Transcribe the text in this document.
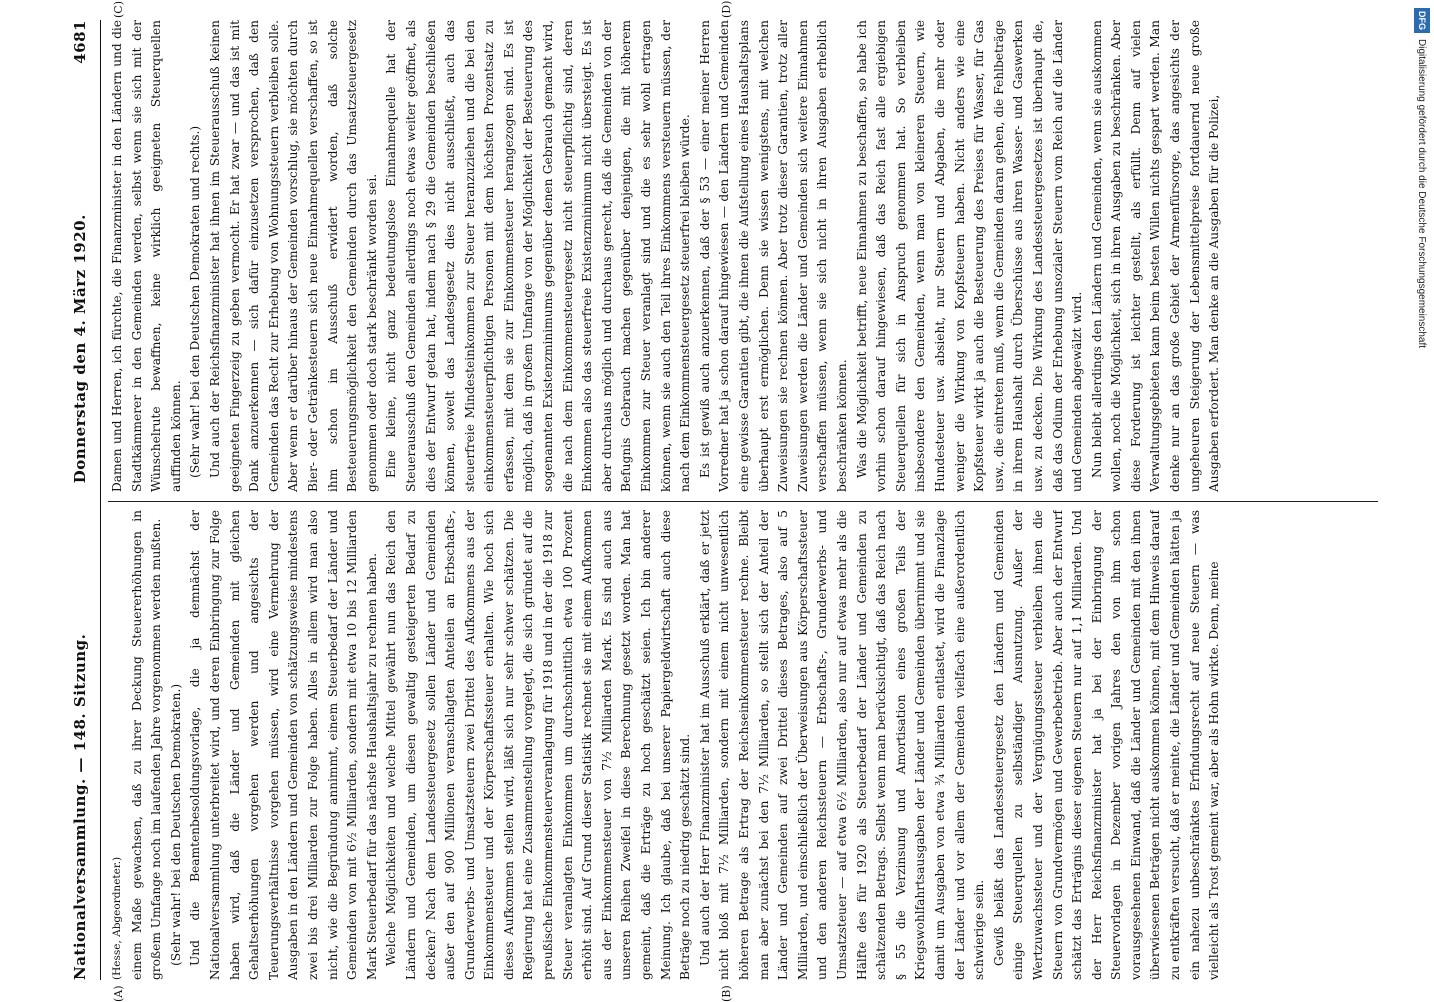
Nationalversammlung. — 148. Sitzung.
Donnerstag den 4. März 1920.
4681

(Hesse, Abgeordneter.) einem Maße gewachsen, daß zu ihrer Deckung Steuererhöhungen in großem Umfange noch im laufenden Jahre vorgenommen werden mußten. (Sehr wahr! bei den Deutschen Demokraten.) Und die Beamtenbesoldungsvorlage, die ja demnächst der Nationalversammlung unterbreitet wird, und deren Einbringung zur Folge haben wird, daß die Länder und Gemeinden mit gleichen Gehaltserhöhungen vorgehen werden und angesichts der Teuerungsverhältnisse vorgehen müssen, wird eine Vermehrung der Ausgaben in den Ländern und Gemeinden von schätzungsweise mindestens zwei bis drei Milliarden zur Folge haben. Alles in allem wird man also nicht, wie die Begründung annimmt, einem Steuerbedarf der Länder und Gemeinden von mit 6½ Milliarden, sondern mit etwa 10 bis 12 Milliarden Mark Steuerbedarf für das nächste Haushaltsjahr zu rechnen haben. Welche Möglichkeiten und welche Mittel gewährt nun das Reich den Ländern und Gemeinden, um diesen gewaltig gesteigerten Bedarf zu decken? Nach dem Landessteuergesetz sollen Länder und Gemeinden außer den auf 900 Millionen veranschlagten Anteilen an Erbschafts-, Grunderwerbs- und Umsatzsteuern zwei Drittel des Aufkommens aus der Einkommensteuer und der Körperschaftssteuer erhalten. Wie hoch sich dieses Aufkommen stellen wird, läßt sich nur sehr schwer schätzen. Die Regierung hat eine Zusammenstellung vorgelegt, die sich gründet auf die preußische Einkommensteuerveranlagung für 1918 und in der die 1918 zur Steuer veranlagten Einkommen um durchschnittlich etwa 100 Prozent erhöht sind. Auf Grund dieser Statistik rechnet sie mit einem Aufkommen aus der Einkommensteuer von 7½ Milliarden Mark. Es sind auch aus unseren Reihen Zweifel in diese Berechnung gesetzt worden. Man hat gemeint, daß die Erträge zu hoch geschätzt seien. Ich bin anderer Meinung. Ich glaube, daß bei unserer Papiergeldwirtschaft auch diese Beträge noch zu niedrig geschätzt sind. Und auch der Herr Finanzminister hat im Ausschuß erklärt, daß er jetzt nicht bloß mit 7½ Milliarden, sondern mit einem nicht unwesentlich höheren Betrage als Ertrag der Reichseinkommensteuer rechne. Bleibt man aber zunächst bei den 7½ Milliarden, so stellt sich der Anteil der Länder und Gemeinden auf zwei Drittel dieses Betrages, also auf 5 Milliarden, und einschließlich der Überweisungen aus Körperschaftssteuer und den anderen Reichssteuern — Erbschafts-, Grunderwerbs- und Umsatzsteuer — auf etwa 6½ Milliarden, also nur auf etwas mehr als die Hälfte des für 1920 als Steuerbedarf der Länder und Gemeinden zu schätzenden Betrags. Selbst wenn man berücksichtigt, daß das Reich nach § 55 die Verzinsung und Amortisation eines großen Teils der Kriegswohlfahrtsausgaben der Länder und Gemeinden übernimmt und sie damit um Ausgaben von etwa ¾ Milliarden entlastet, wird die Finanzlage der Länder und vor allem der Gemeinden vielfach eine außerordentlich schwierige sein. Gewiß beläßt das Landessteuergesetz den Ländern und Gemeinden einige Steuerquellen zu selbständiger Ausnutzung. Außer der Wertzuwachssteuer und der Vergnügungssteuer verbleiben ihnen die Steuern von Grundvermögen und Gewerbebetrieb. Aber auch der Entwurf schätzt das Erträgnis dieser eigenen Steuern nur auf 1,1 Milliarden. Und der Herr Reichsfinanzminister hat ja bei der Einbringung der Steuervorlagen in Dezember vorigen Jahres den von ihm schon vorausgesehenen Einwand, daß die Länder und Gemeinden mit den ihnen überwiesenen Beträgen nicht auskommen können, mit dem Hinweis darauf zu entkräften versucht, daß er meinte, die Länder und Gemeinden hätten ja ein nahezu unbeschränktes Erfindungsrecht auf neue Steuern — was vielleicht als Trost gemeint war, aber als Hohn wirkte. Denn, meine

Damen und Herren, ich fürchte, die Finanzminister in den Ländern und die Stadtkämmerer in den Gemeinden werden, selbst wenn sie sich mit der Wünschelrute bewaffnen, keine wirklich geeigneten Steuerquellen auffinden können. (Sehr wahr! bei den Deutschen Demokraten und rechts.) Und auch der Reichsfinanzminister hat ihnen im Steuerausschuß keinen geeigneten Fingerzeig zu geben vermocht. Er hat zwar — und das ist mit Dank anzuerkennen — sich dafür einzusetzen versprochen, daß den Gemeinden das Recht zur Erhebung von Wohnungssteuern verbleiben solle. Aber wenn er darüber hinaus der Gemeinden vorschlug, sie möchten durch Bier- oder Getränkesteuern sich neue Einnahmequellen verschaffen, so ist ihm schon im Ausschuß erwidert worden, daß solche Besteuerungsmöglichkeit den Gemeinden durch das Umsatzsteuergesetz genommen oder doch stark beschränkt worden sei. Eine kleine, nicht ganz bedeutungslose Einnahmequelle hat der Steuerausschuß den Gemeinden allerdings noch etwas weiter geöffnet, als dies der Entwurf getan hat, indem nach § 29 die Gemeinden beschließen können, sowelt das Landesgesetz dies nicht ausschließt, auch das steuerfreie Mindesteinkommen zur Steuer heranzuziehen und die bei den einkommensteuerpflichtigen Personen mit dem höchsten Prozentsatz zu erfassen, mit dem sie zur Einkommensteuer herangezogen sind. Es ist möglich, daß in großem Umfange von der Möglichkeit der Besteuerung des sogenannten Existenzminimums gegenüber denen Gebrauch gemacht wird, die nach dem Einkommensteuergesetz nicht steuerpflichtig sind, deren Einkommen also das steuerfreie Existenzminimum nicht übersteigt. Es ist aber durchaus möglich und durchaus gerecht, daß die Gemeinden von der Befugnis Gebrauch machen gegenüber denjenigen, die mit höherem Einkommen zur Steuer veranlagt sind und die es sehr wohl ertragen können, wenn sie auch den Teil ihres Einkommens versteuern müssen, der nach dem Einkommensteuergesetz steuerfrei bleiben würde. Es ist gewiß auch anzuerkennen, daß der § 53 — einer meiner Herren Vorredner hat ja schon darauf hingewiesen — den Ländern und Gemeinden eine gewisse Garantien gibt, die ihnen die Aufstellung eines Haushaltsplans überhaupt erst ermöglichen. Denn sie wissen wenigstens, mit welchen Zuweisungen sie rechnen können. Aber trotz dieser Garantien, trotz aller Zuweisungen werden die Länder und Gemeinden sich weitere Einnahmen verschaffen müssen, wenn sie sich nicht in ihren Ausgaben erheblich beschränken können. Was die Möglichkeit betrifft, neue Einnahmen zu beschaffen, so habe ich vorhin schon darauf hingewiesen, daß das Reich fast alle ergiebigen Steuerquellen für sich in Anspruch genommen hat. So verbleiben insbesondere den Gemeinden, wenn man von kleineren Steuern, wie Hundesteuer usw. absieht, nur Steuern und Abgaben, die mehr oder weniger die Wirkung von Kopfsteuern haben. Nicht anders wie eine Kopfsteuer wirkt ja auch die Besteuerung des Preises für Wasser, für Gas usw., die eintreten muß, wenn die Gemeinden daran gehen, die Fehlbeträge in ihrem Haushalt durch Überschüsse aus ihren Wasser- und Gaswerken usw. zu decken. Die Wirkung des Landessteuergesetzes ist überhaupt die, daß das Odium der Erhebung unsozialer Steuern vom Reich auf die Länder und Gemeinden abgewälzt wird. Nun bleibt allerdings den Ländern und Gemeinden, wenn sie auskommen wollen, noch die Möglichkeit, sich in ihren Ausgaben zu beschränken. Aber diese Forderung ist leichter gestellt, als erfüllt. Denn auf vielen Verwaltungsgebieten kann beim besten Willen nichts gespart werden. Man denke nur an das große Gebiet der Armenfürsorge, das angesichts der ungeheuren Steigerung der Lebensmittelpreise fortdauernd neue große Ausgaben erfordert. Man denke an die Ausgaben für die Polizei,

(A)	(B)
(C)	(D)
DFGDigitalisierung gefördert durch die Deutsche Forschungsgemeinschaft
